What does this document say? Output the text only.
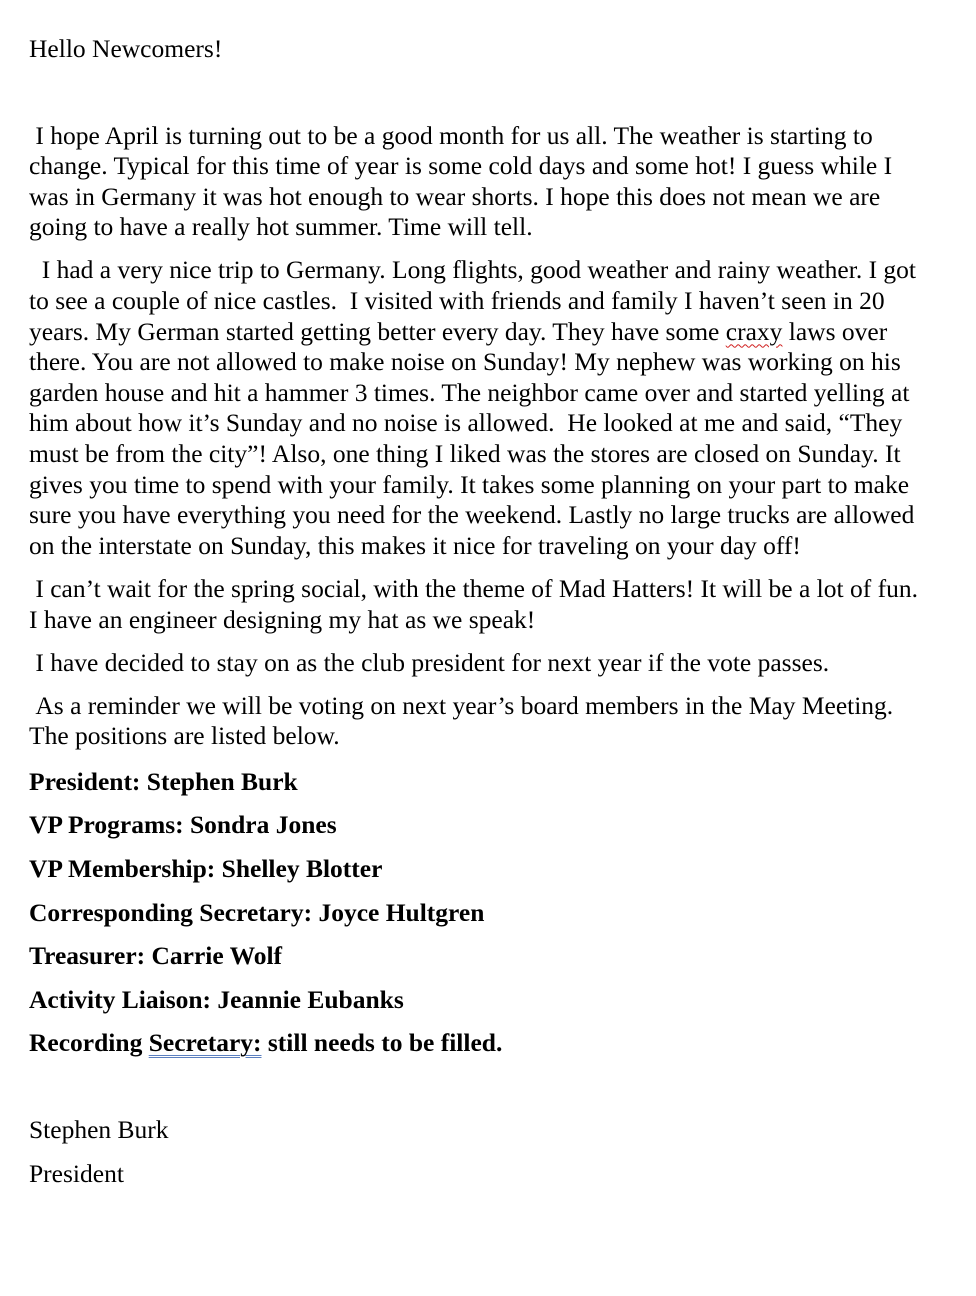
Hello Newcomers!

I hope April is turning out to be a good month for us all. The weather is starting to change. Typical for this time of year is some cold days and some hot! I guess while I was in Germany it was hot enough to wear shorts. I hope this does not mean we are going to have a really hot summer. Time will tell.

I had a very nice trip to Germany. Long flights, good weather and rainy weather. I got to see a couple of nice castles.  I visited with friends and family I haven’t seen in 20 years. My German started getting better every day. They have some craxy laws over there. You are not allowed to make noise on Sunday! My nephew was working on his garden house and hit a hammer 3 times. The neighbor came over and started yelling at him about how it’s Sunday and no noise is allowed.  He looked at me and said, “They must be from the city”! Also, one thing I liked was the stores are closed on Sunday. It gives you time to spend with your family. It takes some planning on your part to make sure you have everything you need for the weekend. Lastly no large trucks are allowed on the interstate on Sunday, this makes it nice for traveling on your day off!

I can’t wait for the spring social, with the theme of Mad Hatters! It will be a lot of fun. I have an engineer designing my hat as we speak!

I have decided to stay on as the club president for next year if the vote passes.

As a reminder we will be voting on next year’s board members in the May Meeting. The positions are listed below.

President: Stephen Burk

VP Programs: Sondra Jones

VP Membership: Shelley Blotter

Corresponding Secretary: Joyce Hultgren

Treasurer: Carrie Wolf

Activity Liaison: Jeannie Eubanks

Recording Secretary: still needs to be filled.

Stephen Burk

President
